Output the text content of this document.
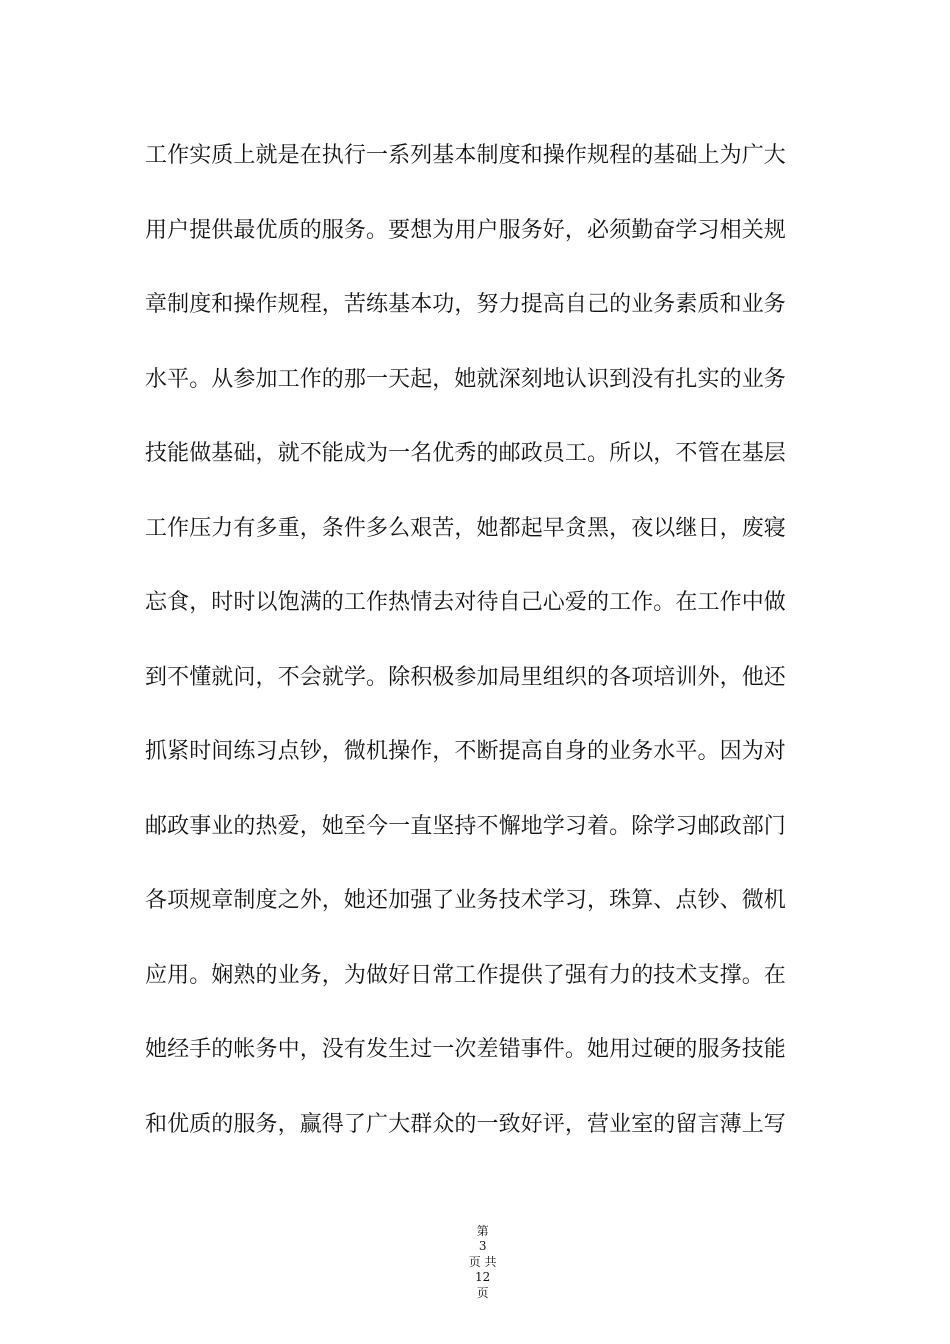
工作实质上就是在执行一系列基本制度和操作规程的基础上为广大
用户提供最优质的服务。要想为用户服务好，必须勤奋学习相关规
章制度和操作规程，苦练基本功，努力提高自己的业务素质和业务
水平。从参加工作的那一天起，她就深刻地认识到没有扎实的业务
技能做基础，就不能成为一名优秀的邮政员工。所以，不管在基层
工作压力有多重，条件多么艰苦，她都起早贪黑，夜以继日，废寝
忘食，时时以饱满的工作热情去对待自己心爱的工作。在工作中做
到不懂就问，不会就学。除积极参加局里组织的各项培训外，他还
抓紧时间练习点钞，微机操作，不断提高自身的业务水平。因为对
邮政事业的热爱，她至今一直坚持不懈地学习着。除学习邮政部门
各项规章制度之外，她还加强了业务技术学习，珠算、点钞、微机
应用。娴熟的业务，为做好日常工作提供了强有力的技术支撑。在
她经手的帐务中，没有发生过一次差错事件。她用过硬的服务技能
和优质的服务，赢得了广大群众的一致好评，营业室的留言薄上写

第
3
页 共
12
页
